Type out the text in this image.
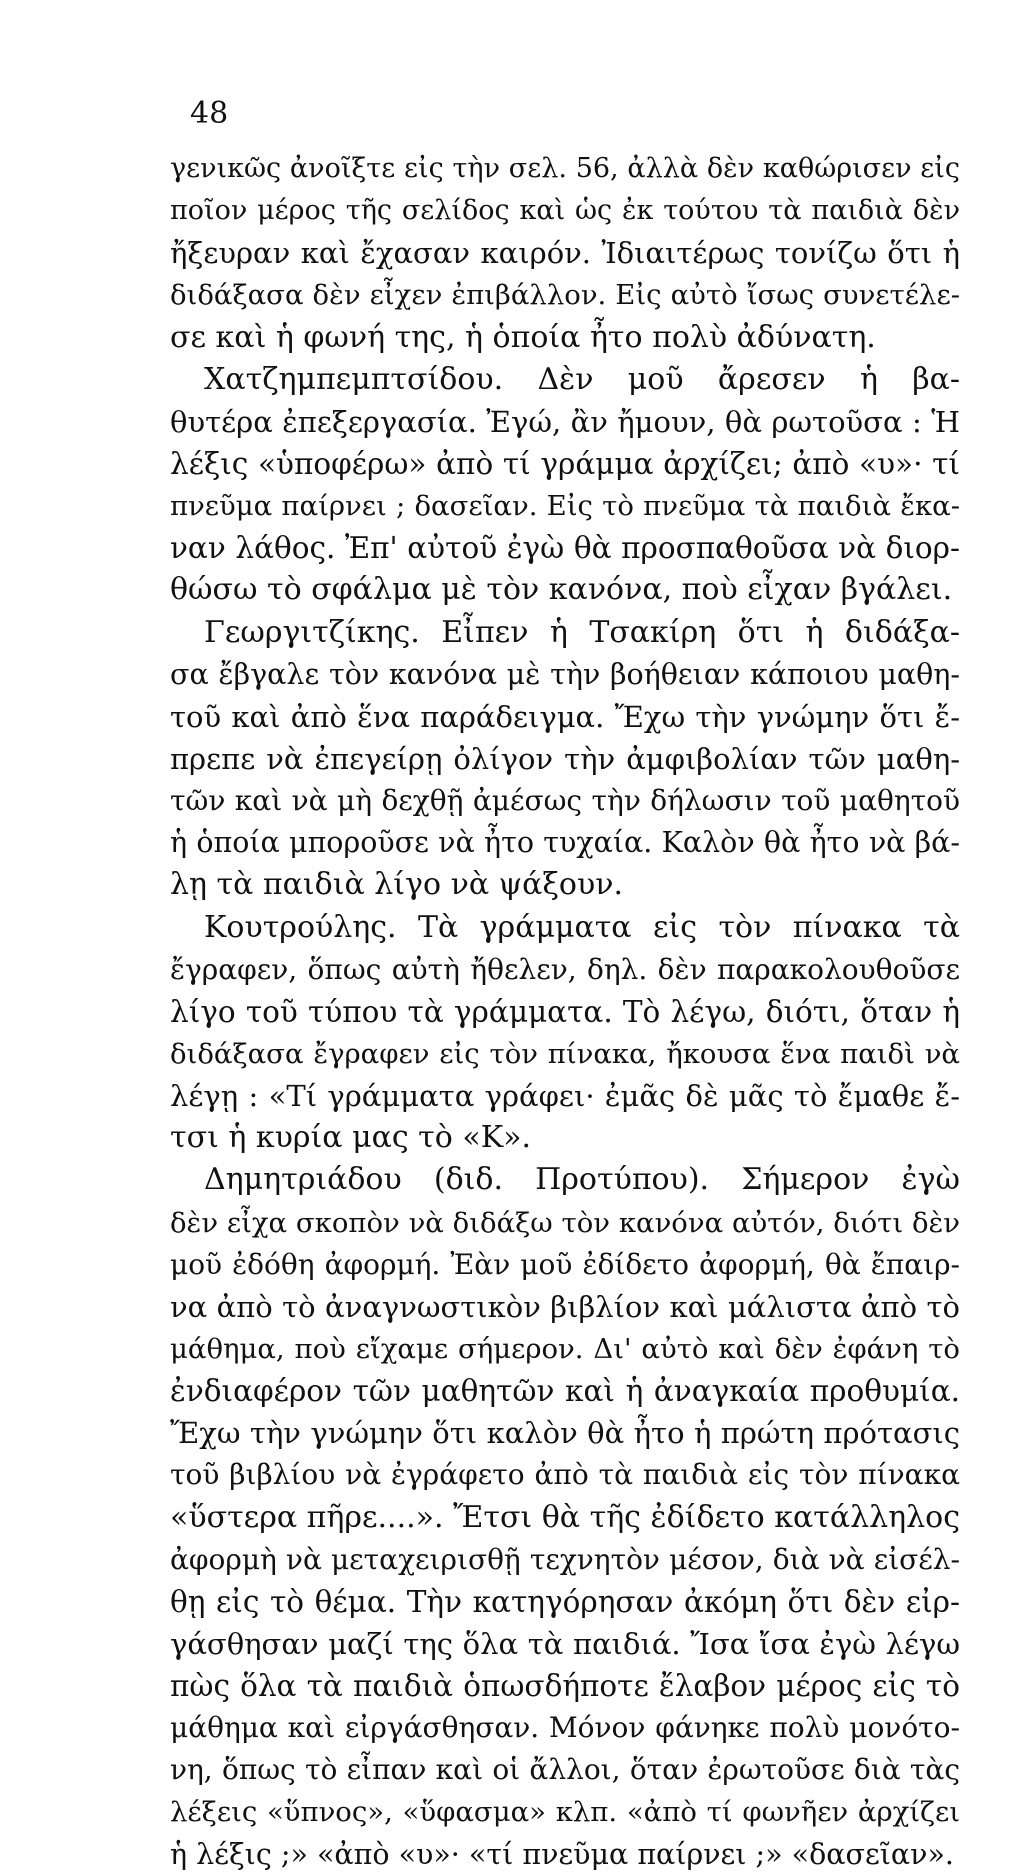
48
γενικῶς ἀνοῖξτε εἰς τὴν σελ. 56, ἀλλὰ δὲν καθώρισεν εἰς
ποῖον μέρος τῆς σελίδος καὶ ὡς ἐκ τούτου τὰ παιδιὰ δὲν
ἤξευραν καὶ ἔχασαν καιρόν. Ἰδιαιτέρως τονίζω ὅτι ἡ
διδάξασα δὲν εἶχεν ἐπιβάλλον. Εἰς αὐτὸ ἴσως συνετέλε-
σε καὶ ἡ φωνή της, ἡ ὁποία ἦτο πολὺ ἀδύνατη.
Χατζημπεμπτσίδου. Δὲν μοῦ ἄρεσεν ἡ βα-
θυτέρα ἐπεξεργασία. Ἐγώ, ἂν ἤμουν, θὰ ρωτοῦσα : Ἡ
λέξις «ὑποφέρω» ἀπὸ τί γράμμα ἀρχίζει; ἀπὸ «υ»· τί
πνεῦμα παίρνει ; δασεῖαν. Εἰς τὸ πνεῦμα τὰ παιδιὰ ἔκα-
ναν λάθος. Ἐπ' αὐτοῦ ἐγὼ θὰ προσπαθοῦσα νὰ διορ-
θώσω τὸ σφάλμα μὲ τὸν κανόνα, ποὺ εἶχαν βγάλει.
Γεωργιτζίκης. Εἶπεν ἡ Τσακίρη ὅτι ἡ διδάξα-
σα ἔβγαλε τὸν κανόνα μὲ τὴν βοήθειαν κάποιου μαθη-
τοῦ καὶ ἀπὸ ἕνα παράδειγμα. Ἔχω τὴν γνώμην ὅτι ἔ-
πρεπε νὰ ἐπεγείρῃ ὀλίγον τὴν ἀμφιβολίαν τῶν μαθη-
τῶν καὶ νὰ μὴ δεχθῇ ἀμέσως τὴν δήλωσιν τοῦ μαθητοῦ
ἡ ὁποία μποροῦσε νὰ ἦτο τυχαία. Καλὸν θὰ ἦτο νὰ βά-
λῃ τὰ παιδιὰ λίγο νὰ ψάξουν.
Κουτρούλης. Τὰ γράμματα εἰς τὸν πίνακα τὰ
ἔγραφεν, ὅπως αὐτὴ ἤθελεν, δηλ. δὲν παρακολουθοῦσε
λίγο τοῦ τύπου τὰ γράμματα. Τὸ λέγω, διότι, ὅταν ἡ
διδάξασα ἔγραφεν εἰς τὸν πίνακα, ἤκουσα ἕνα παιδὶ νὰ
λέγῃ : «Τί γράμματα γράφει· ἐμᾶς δὲ μᾶς τὸ ἔμαθε ἔ-
τσι ἡ κυρία μας τὸ «Κ».
Δημητριάδου (διδ. Προτύπου). Σήμερον ἐγὼ
δὲν εἶχα σκοπὸν νὰ διδάξω τὸν κανόνα αὐτόν, διότι δὲν
μοῦ ἐδόθη ἀφορμή. Ἐὰν μοῦ ἐδίδετο ἀφορμή, θὰ ἔπαιρ-
να ἀπὸ τὸ ἀναγνωστικὸν βιβλίον καὶ μάλιστα ἀπὸ τὸ
μάθημα, ποὺ εἴχαμε σήμερον. Δι' αὐτὸ καὶ δὲν ἐφάνη τὸ
ἐνδιαφέρον τῶν μαθητῶν καὶ ἡ ἀναγκαία προθυμία.
Ἔχω τὴν γνώμην ὅτι καλὸν θὰ ἦτο ἡ πρώτη πρότασις
τοῦ βιβλίου νὰ ἐγράφετο ἀπὸ τὰ παιδιὰ εἰς τὸν πίνακα
«ὕστερα πῆρε....». Ἔτσι θὰ τῆς ἐδίδετο κατάλληλος
ἀφορμὴ νὰ μεταχειρισθῇ τεχνητὸν μέσον, διὰ νὰ εἰσέλ-
θῃ εἰς τὸ θέμα. Τὴν κατηγόρησαν ἀκόμη ὅτι δὲν εἰρ-
γάσθησαν μαζί της ὅλα τὰ παιδιά. Ἴσα ἴσα ἐγὼ λέγω
πὼς ὅλα τὰ παιδιὰ ὁπωσδήποτε ἔλαβον μέρος εἰς τὸ
μάθημα καὶ εἰργάσθησαν. Μόνον φάνηκε πολὺ μονότο-
νη, ὅπως τὸ εἶπαν καὶ οἱ ἄλλοι, ὅταν ἐρωτοῦσε διὰ τὰς
λέξεις «ὕπνος», «ὕφασμα» κλπ. «ἀπὸ τί φωνῆεν ἀρχίζει
ἡ λέξις ;» «ἀπὸ «υ»· «τί πνεῦμα παίρνει ;» «δασεῖαν».
